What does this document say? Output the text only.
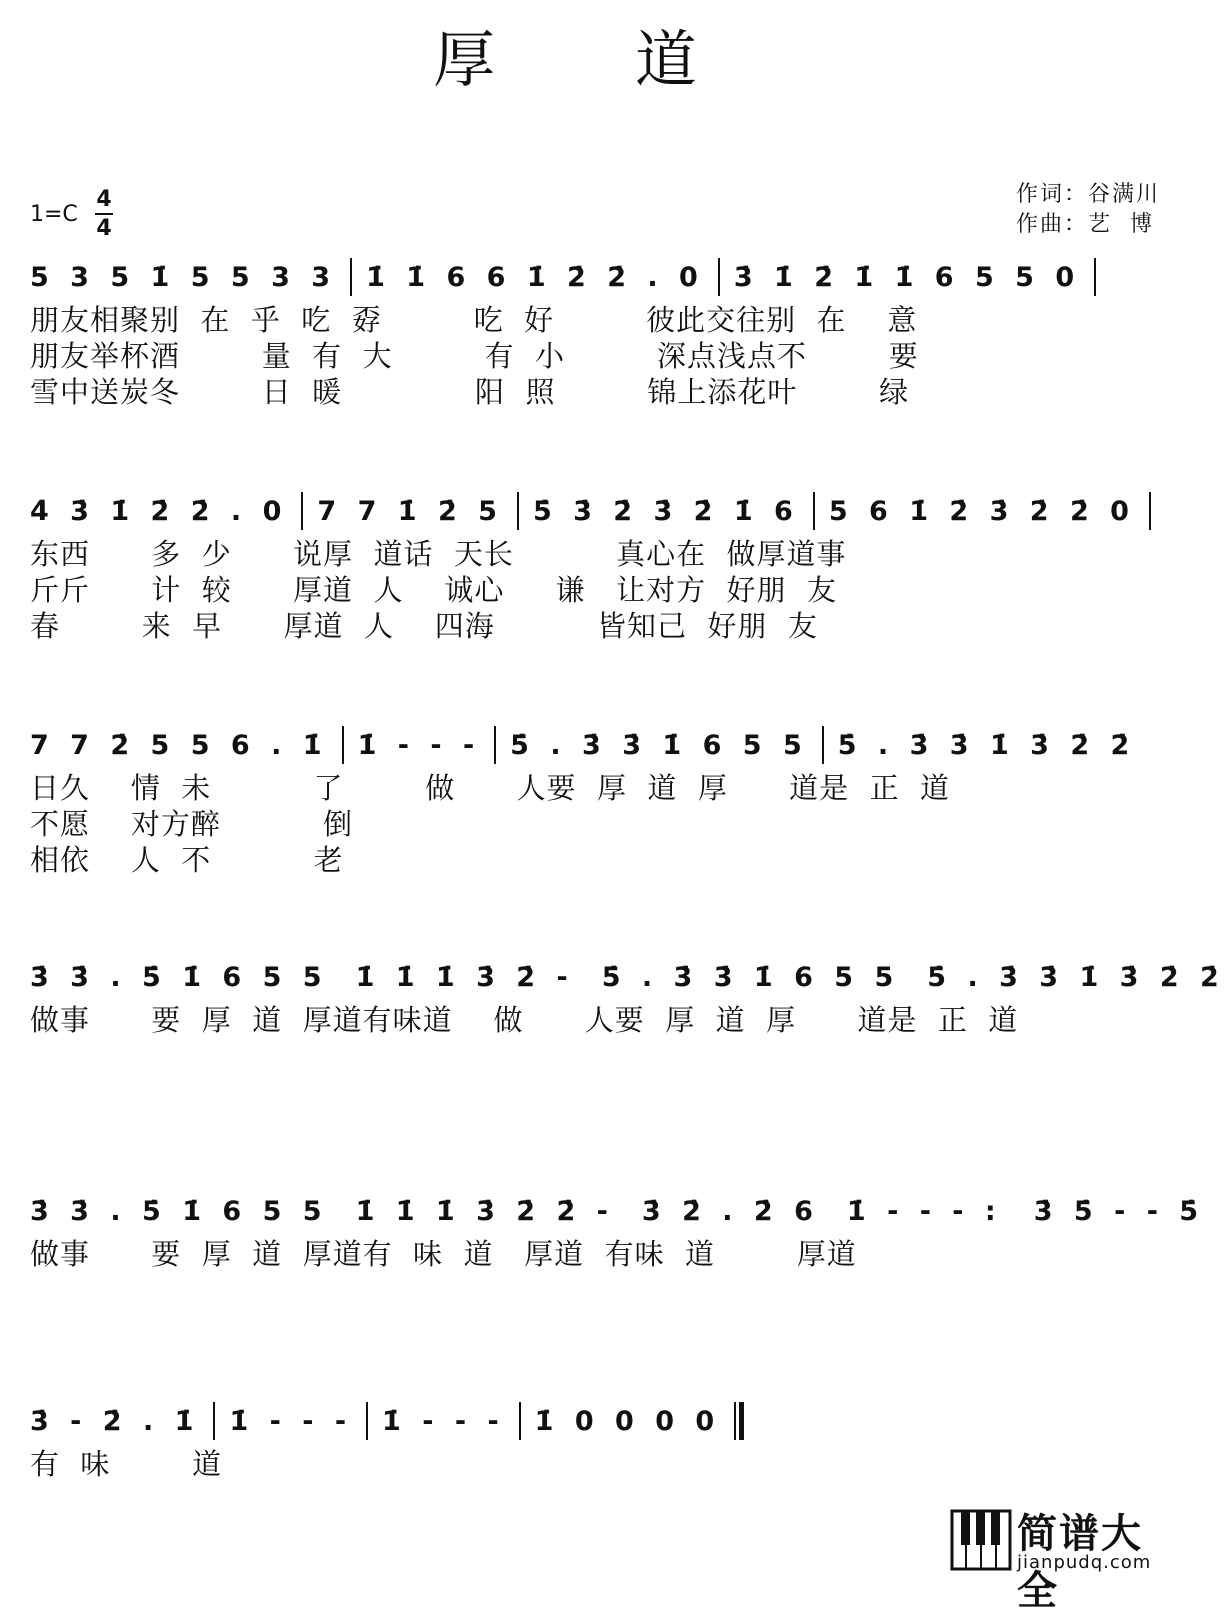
厚 道
1=C
4
4
作词：谷满川
作曲：艺  博
5 3 5 1̇ 5 5 3 3 1̇ 1̇ 6 6 1̇ 2̇ 2̇ . 0 3̇ 1̇ 2̇ 1̇ 1̇ 6 5 5 0
朋友相聚别  在  乎  吃  孬         吃  好         彼此交往别  在    意
朋友举杯酒        量  有  大         有  小         深点浅点不        要
雪中送炭冬        日  暖             阳  照         锦上添花叶        绿
4̇ 3̇ 1̇ 2̇ 2̇ . 0 7 7 1̇ 2̇ 5 5̇ 3̇ 2̇ 3̇ 2̇ 1̇ 6 5 6 1̇ 2̇ 3̇ 2̇ 2̇ 0
东西      多  少      说厚  道话  天长          真心在  做厚道事
斤斤      计  较      厚道  人    诚心     谦   让对方  好朋  友
春        来  早      厚道  人    四海          皆知己  好朋  友
7 7 2̇ 5 5 6 . 1̇ 1̇ - - - 5̇ . 3̇ 3̇ 1̇ 6 5 5 5̇ . 3̇ 3̇ 1̇ 3̇ 2̇ 2̇
日久    情  未          了        做      人要  厚  道  厚      道是  正  道
不愿    对方醉          倒
相依    人  不          老
3̇ 3̇ . 5̇ 1̇ 6 5 5 1̇ 1̇ 1̇ 3̇ 2̇ - 5̇ . 3̇ 3̇ 1̇ 6 5 5 5̇ . 3̇ 3̇ 1̇ 3̇ 2̇ 2̇
做事      要  厚  道  厚道有味道    做      人要  厚  道  厚      道是  正  道
3̇ 3̇ . 5̇ 1̇ 6 5 5 1̇ 1̇ 1̇ 3̇ 2̇ 2̇ - 3̇ 2̇ . 2̇ 6 1̇ - - - : 3̇ 5̇ - - 5̇
做事      要  厚  道  厚道有  味  道   厚道  有味  道        厚道
3̇ - 2̇ . 1̇ 1̇ - - - 1̇ - - - 1̇ 0 0 0 0
有  味        道
简谱大全
jianpudq.com
